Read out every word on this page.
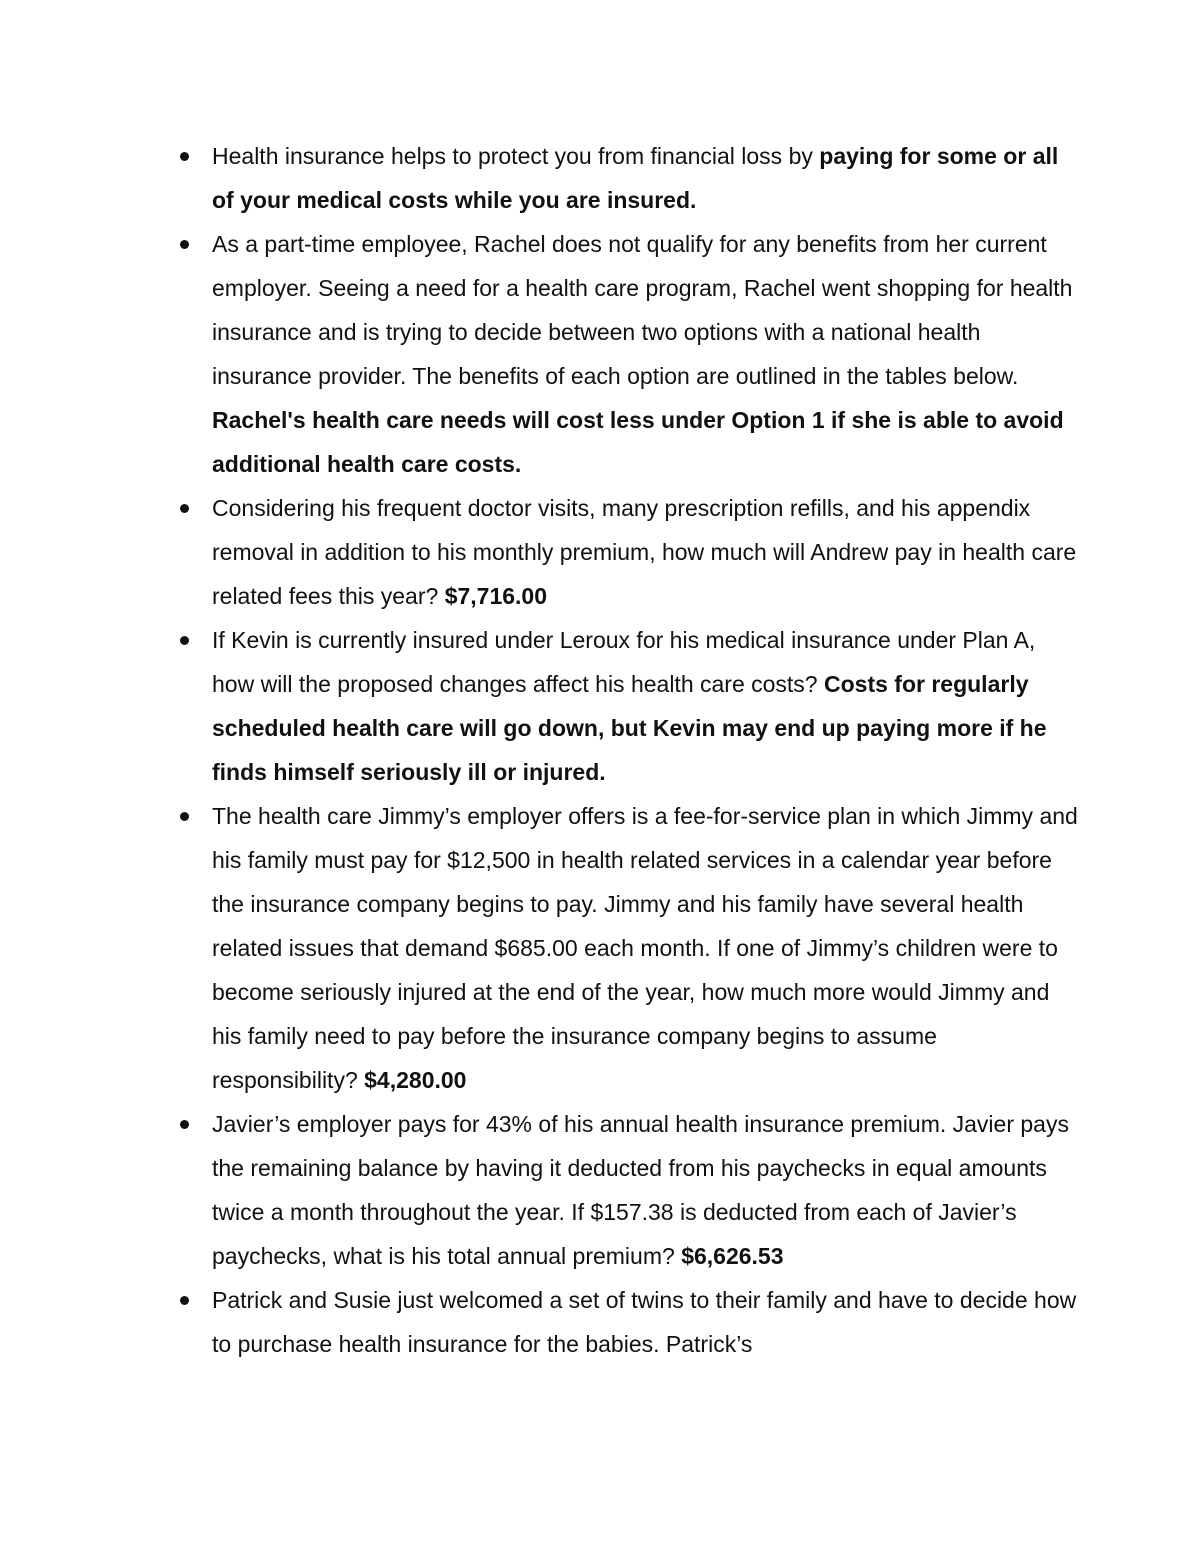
Health insurance helps to protect you from financial loss by paying for some or all of your medical costs while you are insured.
As a part-time employee, Rachel does not qualify for any benefits from her current employer. Seeing a need for a health care program, Rachel went shopping for health insurance and is trying to decide between two options with a national health insurance provider. The benefits of each option are outlined in the tables below. Rachel's health care needs will cost less under Option 1 if she is able to avoid additional health care costs.
Considering his frequent doctor visits, many prescription refills, and his appendix removal in addition to his monthly premium, how much will Andrew pay in health care related fees this year? $7,716.00
If Kevin is currently insured under Leroux for his medical insurance under Plan A, how will the proposed changes affect his health care costs? Costs for regularly scheduled health care will go down, but Kevin may end up paying more if he finds himself seriously ill or injured.
The health care Jimmy’s employer offers is a fee-for-service plan in which Jimmy and his family must pay for $12,500 in health related services in a calendar year before the insurance company begins to pay. Jimmy and his family have several health related issues that demand $685.00 each month. If one of Jimmy’s children were to become seriously injured at the end of the year, how much more would Jimmy and his family need to pay before the insurance company begins to assume responsibility? $4,280.00
Javier’s employer pays for 43% of his annual health insurance premium. Javier pays the remaining balance by having it deducted from his paychecks in equal amounts twice a month throughout the year. If $157.38 is deducted from each of Javier’s paychecks, what is his total annual premium? $6,626.53
Patrick and Susie just welcomed a set of twins to their family and have to decide how to purchase health insurance for the babies. Patrick’s
